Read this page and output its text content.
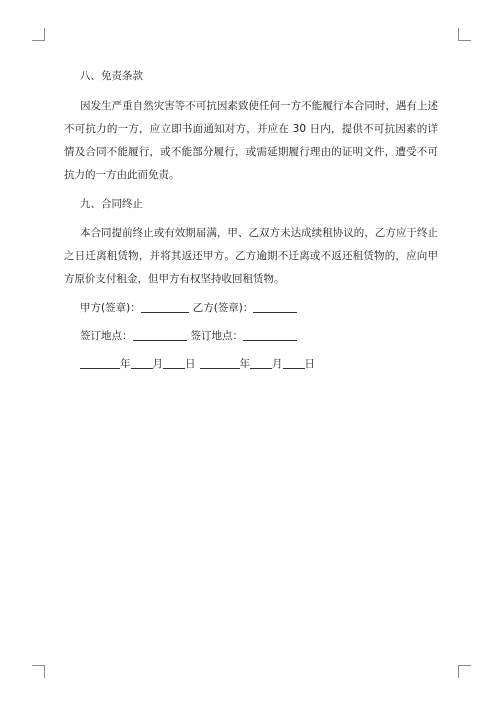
八、免责条款

因发生严重自然灾害等不可抗因素致使任何一方不能履行本合同时，遇有上述不可抗力的一方，应立即书面通知对方，并应在 30 日内，提供不可抗因素的详情及合同不能履行，或不能部分履行，或需延期履行理由的证明文件，遭受不可抗力的一方由此而免责。

九、合同终止

本合同提前终止或有效期届满，甲、乙双方未达成续租协议的，乙方应于终止之日迁离租赁物，并将其返还甲方。乙方逾期不迁离或不返还租赁物的，应向甲方原价支付租金，但甲方有权坚持收回租赁物。

甲方(签章)：	乙方(签章)：

签订地点：	签订地点：

年 月 日	年 月 日
